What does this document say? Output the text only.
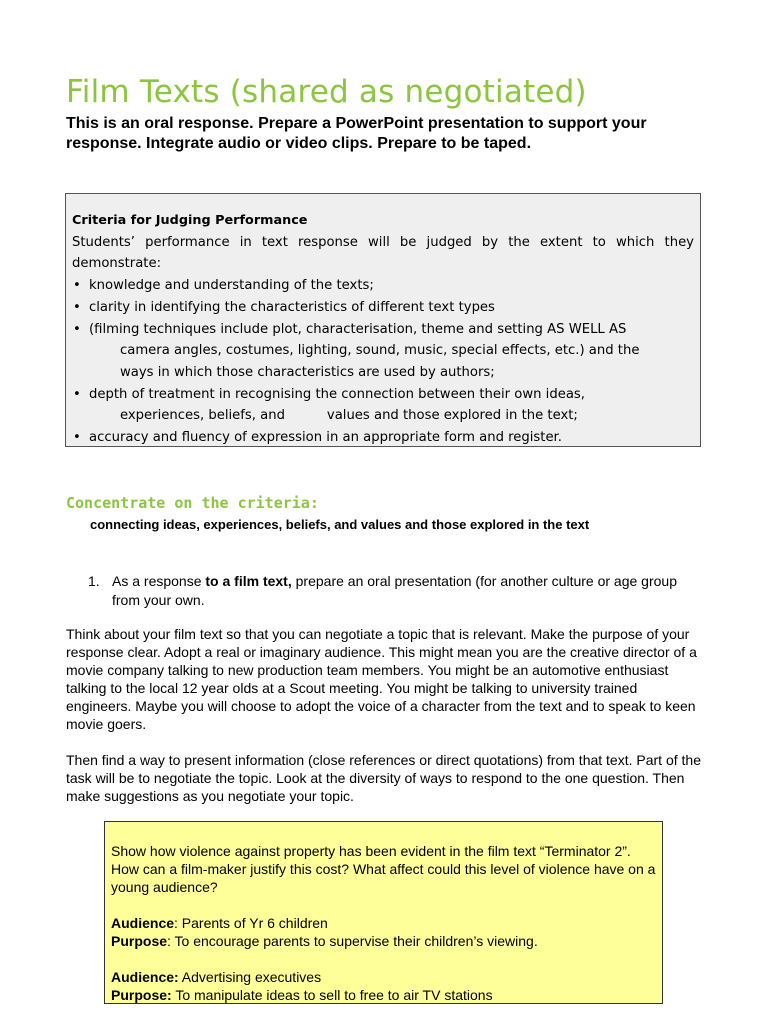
Film Texts (shared as negotiated)

This is an oral response. Prepare a PowerPoint presentation to support your response. Integrate audio or video clips. Prepare to be taped.

Criteria for Judging Performance
Students’ performance in text response will be judged by the extent to which they demonstrate:
• knowledge and understanding of the texts;
• clarity in identifying the characteristics of different text types
• (filming techniques include plot, characterisation, theme and setting AS WELL AS
camera angles, costumes, lighting, sound, music, special effects, etc.) and the
ways in which those characteristics are used by authors;
• depth of treatment in recognising the connection between their own ideas,
experiences, beliefs, and          values and those explored in the text;
• accuracy and fluency of expression in an appropriate form and register.
Concentrate on the criteria:

connecting ideas, experiences, beliefs, and values and those explored in the text

1. As a response to a film text, prepare an oral presentation (for another culture or age group from your own.

Think about your film text so that you can negotiate a topic that is relevant. Make the purpose of your response clear. Adopt a real or imaginary audience. This might mean you are the creative director of a movie company talking to new production team members. You might be an automotive enthusiast talking to the local 12 year olds at a Scout meeting. You might be talking to university trained engineers. Maybe you will choose to adopt the voice of a character from the text and to speak to keen movie goers.

Then find a way to present information (close references or direct quotations) from that text. Part of the task will be to negotiate the topic. Look at the diversity of ways to respond to the one question. Then make suggestions as you negotiate your topic.

Show how violence against property has been evident in the film text “Terminator 2”. How can a film-maker justify this cost? What affect could this level of violence have on a young audience?

Audience: Parents of Yr 6 children

Purpose: To encourage parents to supervise their children’s viewing.

Audience: Advertising executives

Purpose: To manipulate ideas to sell to free to air TV stations
